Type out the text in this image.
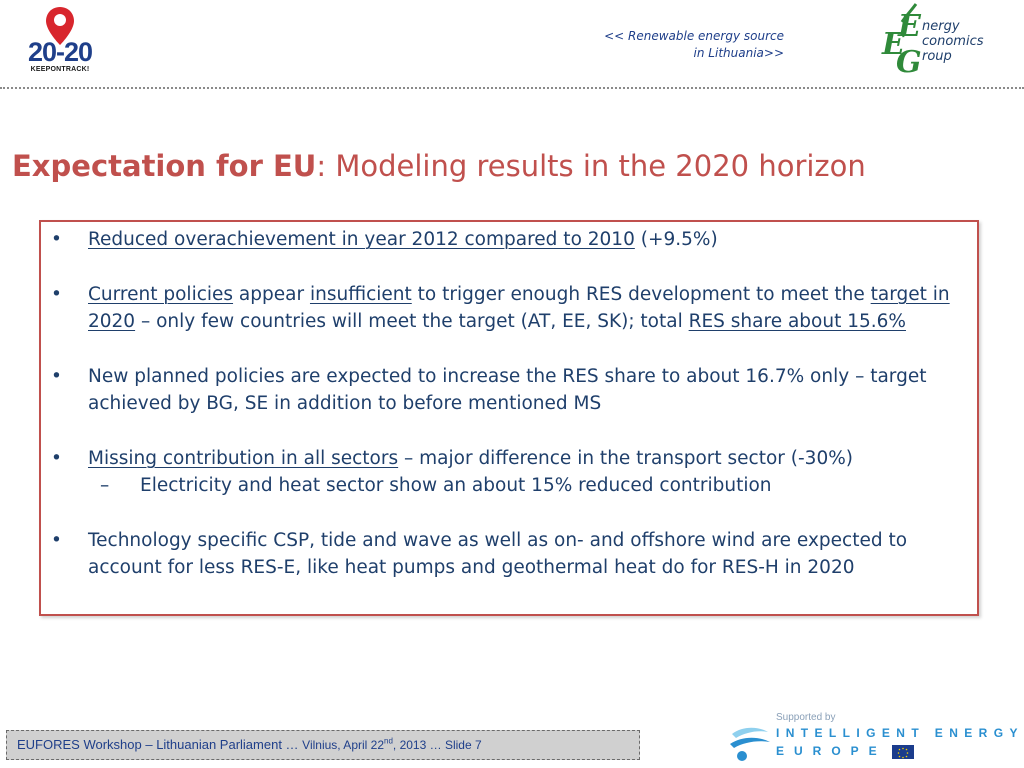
20-20
KEEPONTRACK!
<< Renewable energy source
in Lithuania>>
E
E
G
nergy
conomics
roup
Expectation for EU: Modeling results in the 2020 horizon
•	Reduced overachievement in year 2012 compared to 2010 (+9.5%)
•	Current policies appear insufficient to trigger enough RES development to meet the target in 2020 – only few countries will meet the target (AT, EE, SK); total RES share about 15.6%
•	New planned policies are expected to increase the RES share to about 16.7% only – target achieved by BG, SE in addition to before mentioned MS
•	Missing contribution in all sectors – major difference in the transport sector (-30%)
– Electricity and heat sector show an about 15% reduced contribution
•	Technology specific CSP, tide and wave as well as on- and offshore wind are expected to account for less RES-E, like heat pumps and geothermal heat do for RES-H in 2020
EUFORES Workshop – Lithuanian Parliament … Vilnius, April 22nd, 2013 … Slide 7
Supported by
INTELLIGENT ENERGY
EUROPE
